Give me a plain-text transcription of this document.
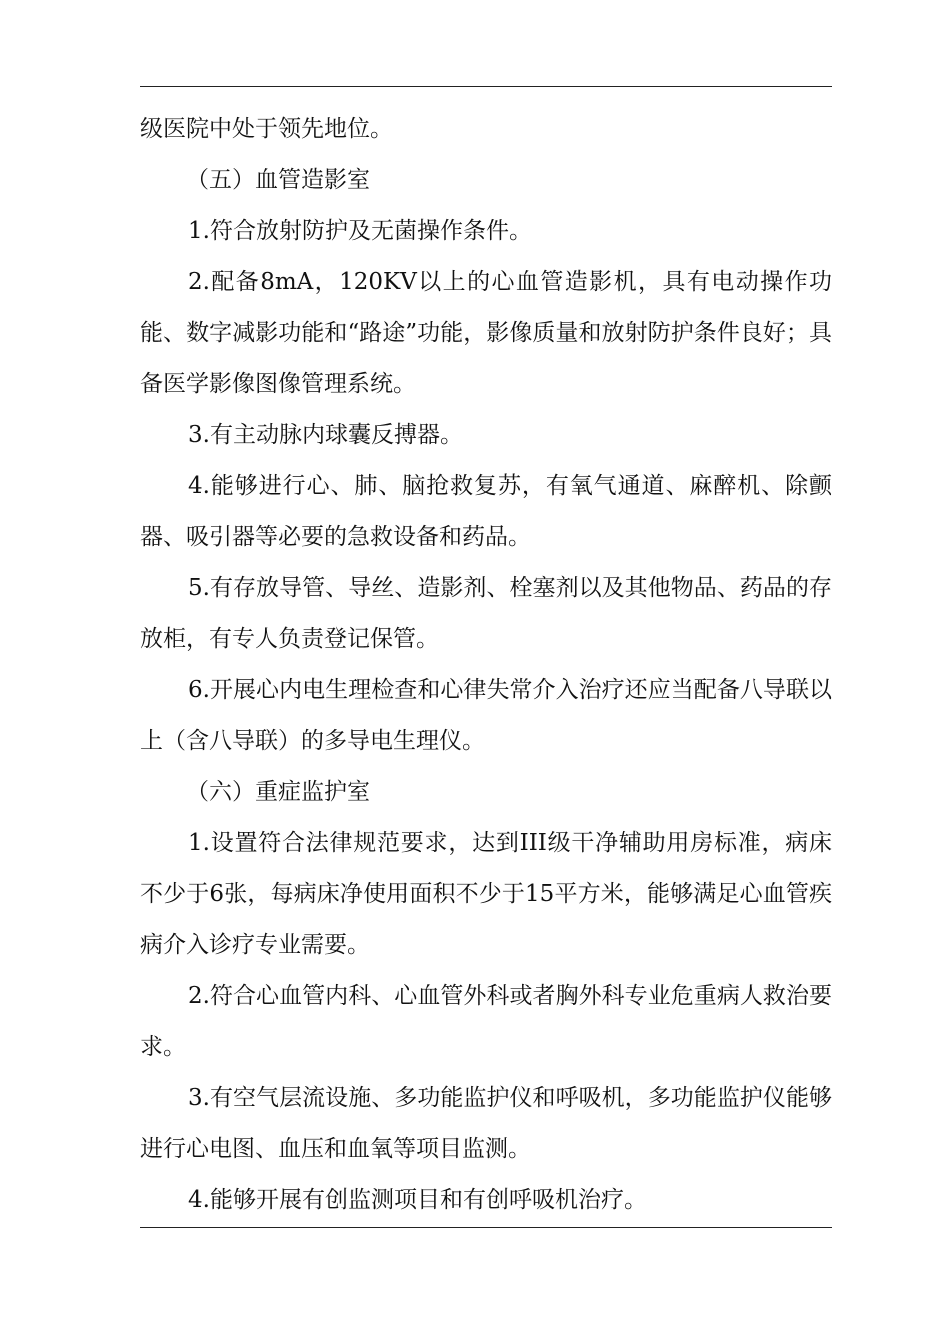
级医院中处于领先地位。

（五）血管造影室

1.符合放射防护及无菌操作条件。

2.配备8mA，120KV以上的心血管造影机，具有电动操作功能、数字减影功能和“路途”功能，影像质量和放射防护条件良好；具备医学影像图像管理系统。

3.有主动脉内球囊反搏器。

4.能够进行心、肺、脑抢救复苏，有氧气通道、麻醉机、除颤器、吸引器等必要的急救设备和药品。

5.有存放导管、导丝、造影剂、栓塞剂以及其他物品、药品的存放柜，有专人负责登记保管。

6.开展心内电生理检查和心律失常介入治疗还应当配备八导联以上（含八导联）的多导电生理仪。

（六）重症监护室

1.设置符合法律规范要求，达到III级干净辅助用房标准，病床不少于6张，每病床净使用面积不少于15平方米，能够满足心血管疾病介入诊疗专业需要。

2.符合心血管内科、心血管外科或者胸外科专业危重病人救治要求。

3.有空气层流设施、多功能监护仪和呼吸机，多功能监护仪能够进行心电图、血压和血氧等项目监测。

4.能够开展有创监测项目和有创呼吸机治疗。
